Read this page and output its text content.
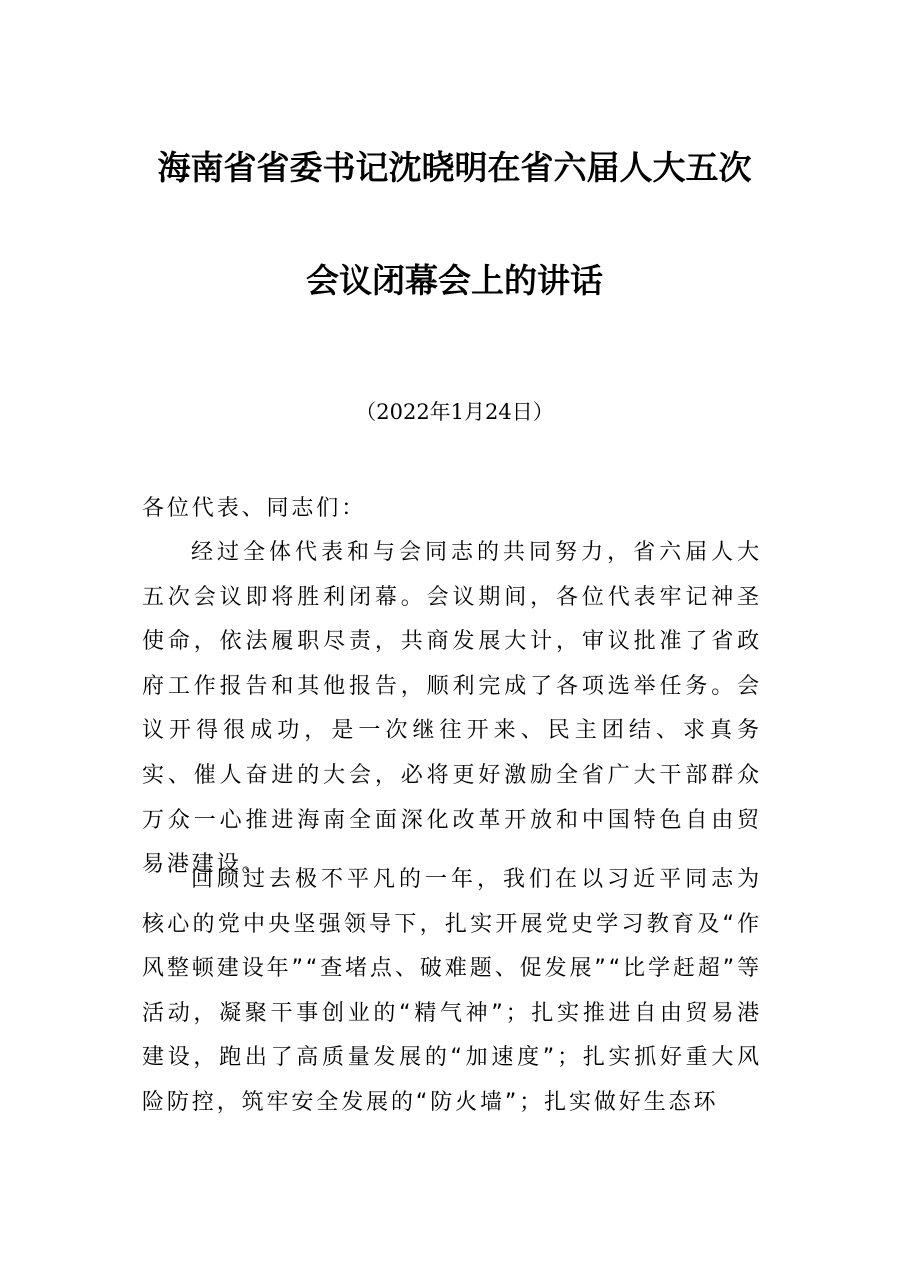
海南省省委书记沈晓明在省六届人大五次
会议闭幕会上的讲话
（2022年1月24日）
各位代表、同志们：

经过全体代表和与会同志的共同努力，省六届人大五次会议即将胜利闭幕。会议期间，各位代表牢记神圣使命，依法履职尽责，共商发展大计，审议批准了省政府工作报告和其他报告，顺利完成了各项选举任务。会议开得很成功，是一次继往开来、民主团结、求真务实、催人奋进的大会，必将更好激励全省广大干部群众万众一心推进海南全面深化改革开放和中国特色自由贸易港建设。

回顾过去极不平凡的一年，我们在以习近平同志为核心的党中央坚强领导下，扎实开展党史学习教育及“作风整顿建设年”“查堵点、破难题、促发展”“比学赶超”等活动，凝聚干事创业的“精气神”；扎实推进自由贸易港建设，跑出了高质量发展的“加速度”；扎实抓好重大风险防控，筑牢安全发展的“防火墙”；扎实做好生态环
